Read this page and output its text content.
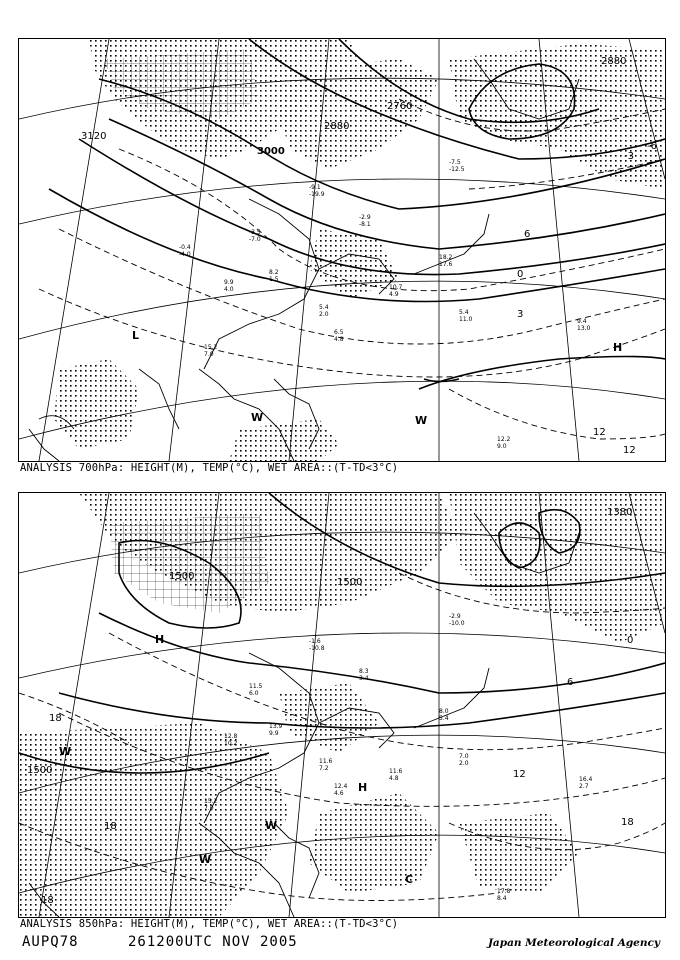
9.9
4.0
8.2
1.5
5.4
2.0
10.7
4.9
18.2
17.6
5.4
11.0
15.2
7.0
-2.9
-8.1
-9.1
-19.9
-3.5
-7.0
-0.4
-4.0
-7.5
-12.5
6.5
4.8
3120
3000
2760
2880
2880
-6
-3
0
3
6
12
12
L
H
W	W
12.2
9.0
9.4
13.0
ANALYSIS 700hPa: HEIGHT(M), TEMP(°C), WET AREA::(T-TD<3°C)
12.8
10.2
13.9
9.9
11.6
7.2	11.6
4.8
8.0
5.4
7.0
2.0
15.2
7.0
8.3
3.4
-1.6
-10.8
11.5
6.0
-2.9
-10.0
12.4
4.6
1500
1500
1500
1380
0
6
12
18
18	18
18
H
W
W
W
H
C
17.8
8.4
16.4
2.7
ANALYSIS 850hPa: HEIGHT(M), TEMP(°C), WET AREA::(T-TD<3°C)
AUPQ78	261200UTC NOV 2005	Japan Meteorological Agency
